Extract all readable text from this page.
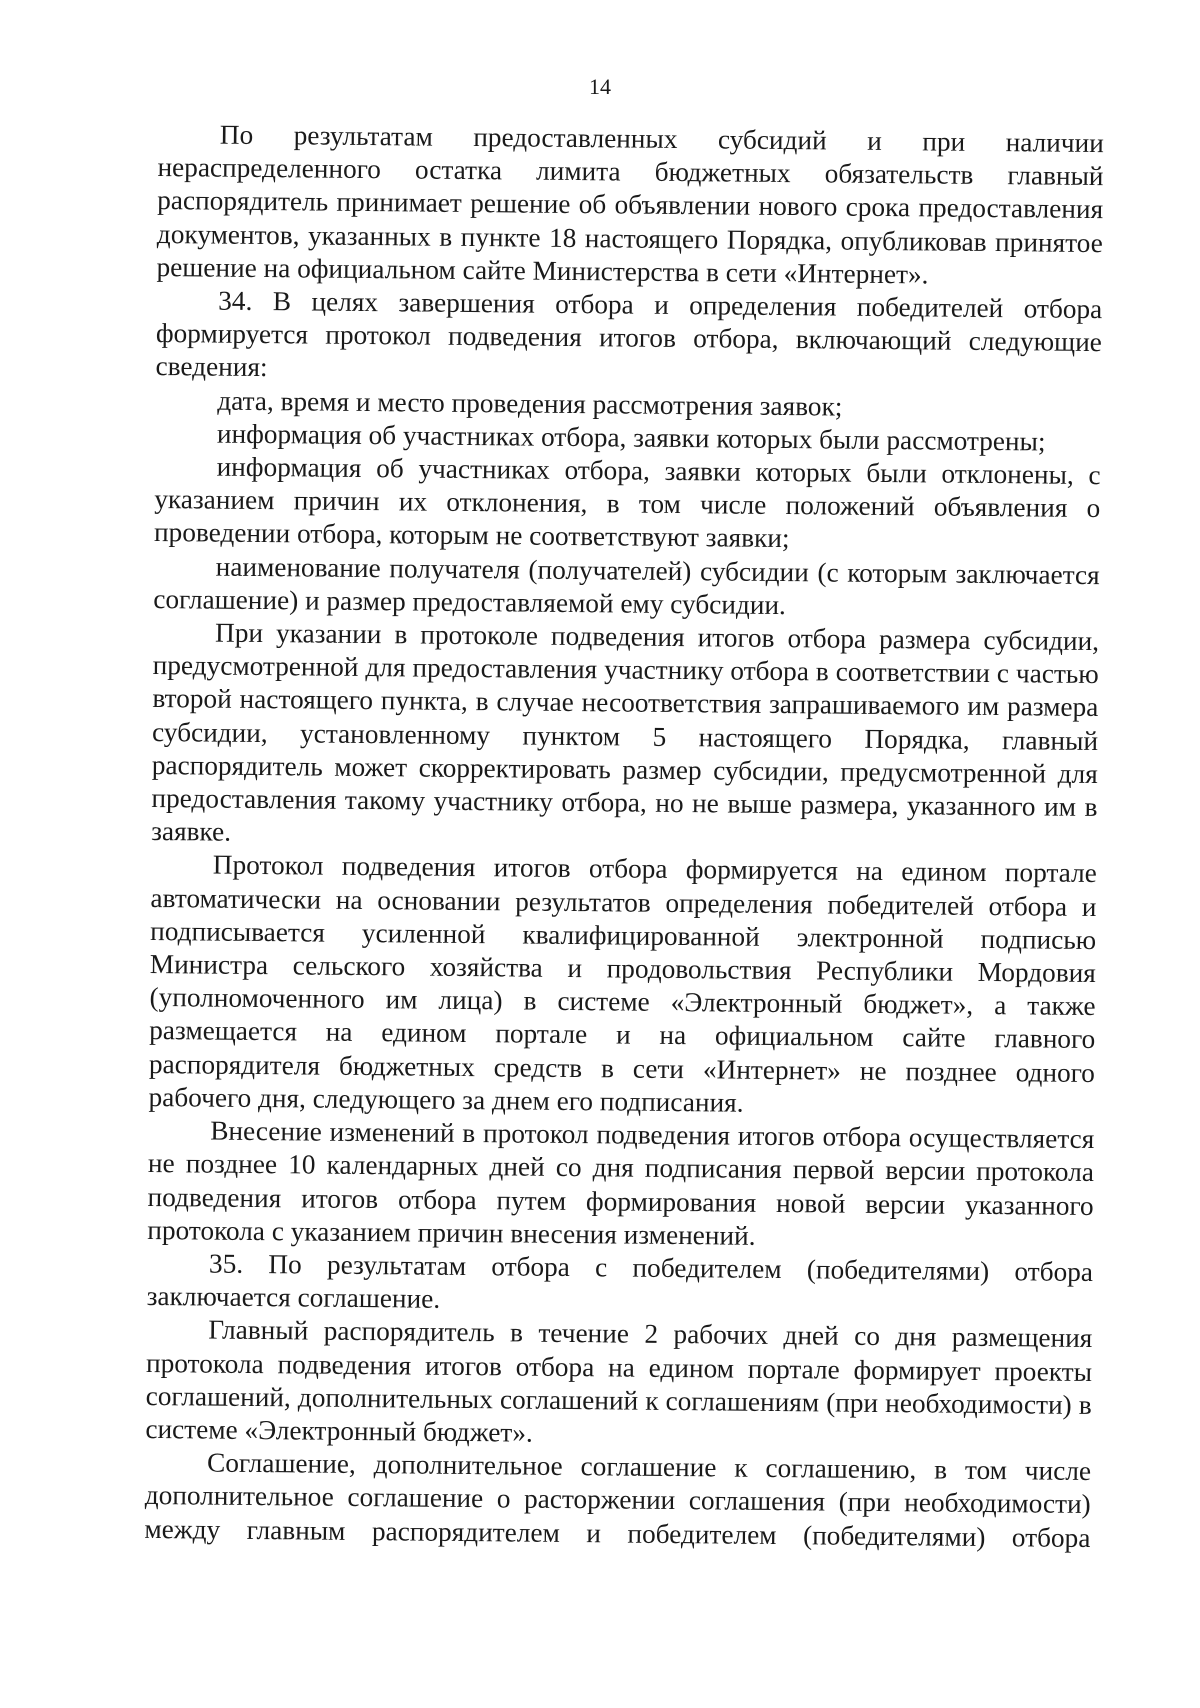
14

По результатам предоставленных субсидий и при наличии нераспределенного остатка лимита бюджетных обязательств главный распорядитель принимает решение об объявлении нового срока предоставления документов, указанных в пункте 18 настоящего Порядка, опубликовав принятое решение на официальном сайте Министерства в сети «Интернет».

34. В целях завершения отбора и определения победителей отбора формируется протокол подведения итогов отбора, включающий следующие сведения:

дата, время и место проведения рассмотрения заявок;

информация об участниках отбора, заявки которых были рассмотрены;

информация об участниках отбора, заявки которых были отклонены, с указанием причин их отклонения, в том числе положений объявления о проведении отбора, которым не соответствуют заявки;

наименование получателя (получателей) субсидии (с которым заключается соглашение) и размер предоставляемой ему субсидии.

При указании в протоколе подведения итогов отбора размера субсидии, предусмотренной для предоставления участнику отбора в соответствии с частью второй настоящего пункта, в случае несоответствия запрашиваемого им размера субсидии, установленному пунктом 5 настоящего Порядка, главный распорядитель может скорректировать размер субсидии, предусмотренной для предоставления такому участнику отбора, но не выше размера, указанного им в заявке.

Протокол подведения итогов отбора формируется на едином портале автоматически на основании результатов определения победителей отбора и подписывается усиленной квалифицированной электронной подписью Министра сельского хозяйства и продовольствия Республики Мордовия (уполномоченного им лица) в системе «Электронный бюджет», а также размещается на едином портале и на официальном сайте главного распорядителя бюджетных средств в сети «Интернет» не позднее одного рабочего дня, следующего за днем его подписания.

Внесение изменений в протокол подведения итогов отбора осуществляется не позднее 10 календарных дней со дня подписания первой версии протокола подведения итогов отбора путем формирования новой версии указанного протокола с указанием причин внесения изменений.

35. По результатам отбора с победителем (победителями) отбора заключается соглашение.

Главный распорядитель в течение 2 рабочих дней со дня размещения протокола подведения итогов отбора на едином портале формирует проекты соглашений, дополнительных соглашений к соглашениям (при необходимости) в системе «Электронный бюджет».

Соглашение, дополнительное соглашение к соглашению, в том числе дополнительное соглашение о расторжении соглашения (при необходимости) между главным распорядителем и победителем (победителями) отбора
